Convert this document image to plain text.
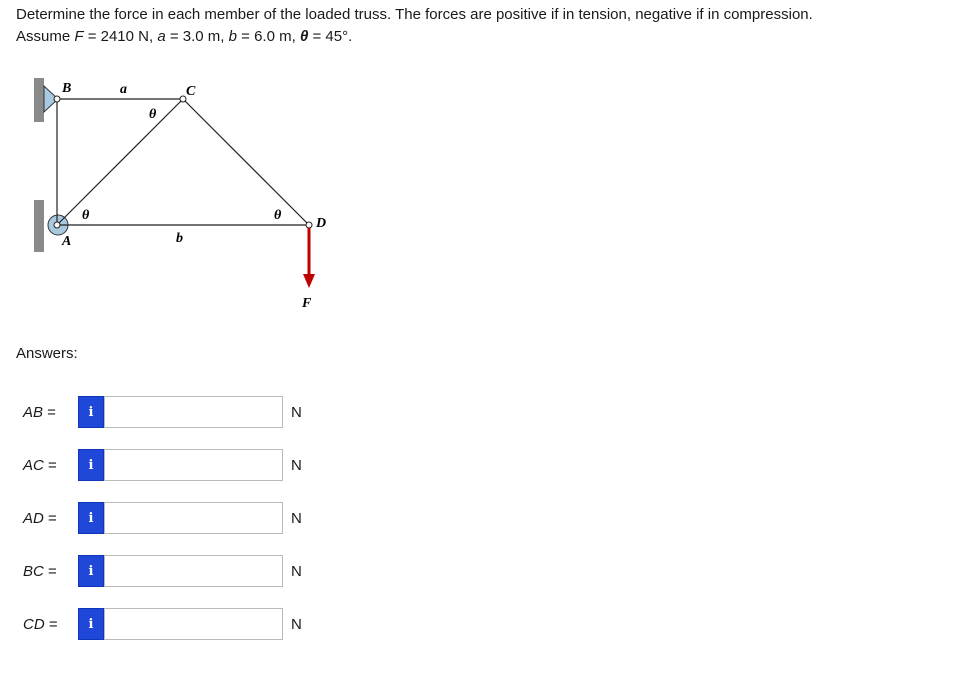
Determine the force in each member of the loaded truss. The forces are positive if in tension, negative if in compression.
Assume F = 2410 N, a = 3.0 m, b = 6.0 m, θ = 45°.
B	C
A
D
F
a
b
θ
θ	θ
Answers:
AB =	i	N
AC =	i	N
AD =	i	N
BC =	i	N
CD =	i	N
